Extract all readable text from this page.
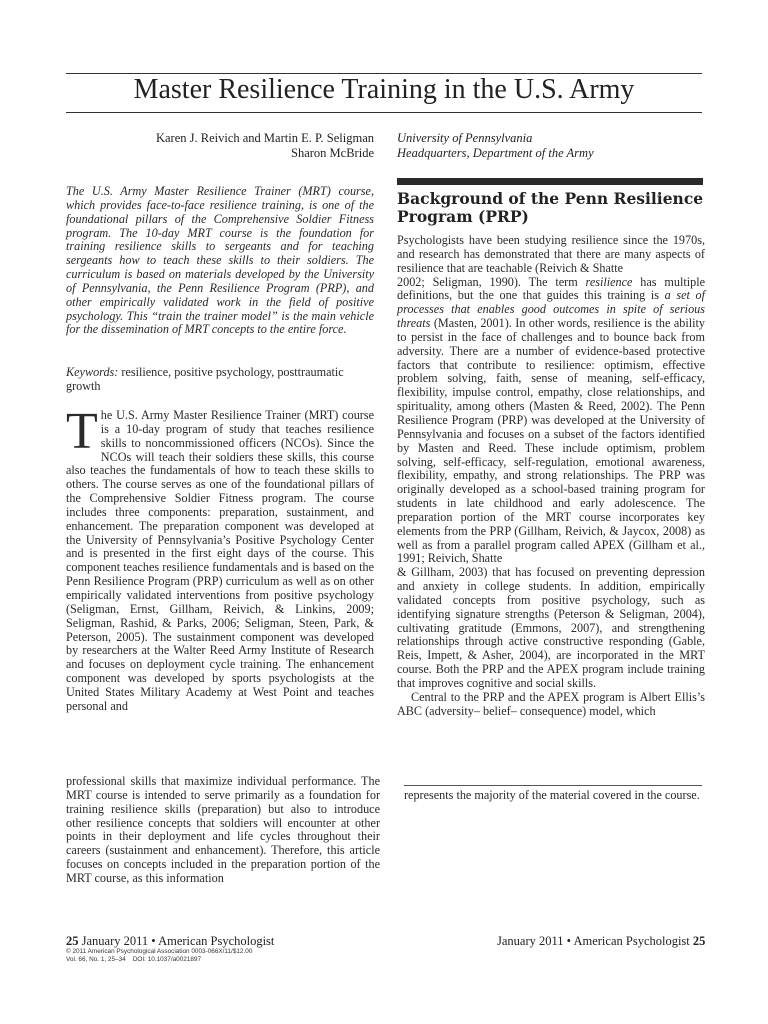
Master Resilience Training in the U.S. Army
Karen J. Reivich and Martin E. P. Seligman
Sharon McBride
University of Pennsylvania
Headquarters, Department of the Army
The U.S. Army Master Resilience Trainer (MRT) course, which provides face-to-face resilience training, is one of the foundational pillars of the Comprehensive Soldier Fitness program. The 10-day MRT course is the foundation for training resilience skills to sergeants and for teaching sergeants how to teach these skills to their soldiers. The curriculum is based on materials developed by the University of Pennsylvania, the Penn Resilience Program (PRP), and other empirically validated work in the field of positive psychology. This “train the trainer model” is the main vehicle for the dissemination of MRT concepts to the entire force.
Keywords: resilience, positive psychology, posttraumatic growth
The U.S. Army Master Resilience Trainer (MRT) course is a 10-day program of study that teaches resilience skills to noncommissioned officers (NCOs). Since the NCOs will teach their soldiers these skills, this course also teaches the fundamentals of how to teach these skills to others. The course serves as one of the foundational pillars of the Comprehensive Soldier Fitness program. The course includes three components: preparation, sustainment, and enhancement. The preparation component was developed at the University of Pennsylvania’s Positive Psychology Center and is presented in the first eight days of the course. This component teaches resilience fundamentals and is based on the Penn Resilience Program (PRP) curriculum as well as on other empirically validated interventions from positive psychology (Seligman, Ernst, Gillham, Reivich, & Linkins, 2009; Seligman, Rashid, & Parks, 2006; Seligman, Steen, Park, & Peterson, 2005). The sustainment component was developed by researchers at the Walter Reed Army Institute of Research and focuses on deployment cycle training. The enhancement component was developed by sports psychologists at the United States Military Academy at West Point and teaches personal and
professional skills that maximize individual performance. The MRT course is intended to serve primarily as a foundation for training resilience skills (preparation) but also to introduce other resilience concepts that soldiers will encounter at other points in their deployment and life cycles throughout their careers (sustainment and enhancement). Therefore, this article focuses on concepts included in the preparation portion of the MRT course, as this information
Background of the Penn Resilience Program (PRP)
Psychologists have been studying resilience since the 1970s, and research has demonstrated that there are many aspects of resilience that are teachable (Reivich & Shatte
2002; Seligman, 1990). The term resilience has multiple definitions, but the one that guides this training is a set of processes that enables good outcomes in spite of serious threats (Masten, 2001). In other words, resilience is the ability to persist in the face of challenges and to bounce back from adversity. There are a number of evidence-based protective factors that contribute to resilience: optimism, effective problem solving, faith, sense of meaning, self-efficacy, flexibility, impulse control, empathy, close relationships, and spirituality, among others (Masten & Reed, 2002). The Penn Resilience Program (PRP) was developed at the University of Pennsylvania and focuses on a subset of the factors identified by Masten and Reed. These include optimism, problem solving, self-efficacy, self-regulation, emotional awareness, flexibility, empathy, and strong relationships. The PRP was originally developed as a school-based training program for students in late childhood and early adolescence. The preparation portion of the MRT course incorporates key elements from the PRP (Gillham, Reivich, & Jaycox, 2008) as well as from a parallel program called APEX (Gillham et al., 1991; Reivich, Shatte
& Gillham, 2003) that has focused on preventing depression and anxiety in college students. In addition, empirically validated concepts from positive psychology, such as identifying signature strengths (Peterson & Seligman, 2004), cultivating gratitude (Emmons, 2007), and strengthening relationships through active constructive responding (Gable, Reis, Impett, & Asher, 2004), are incorporated in the MRT course. Both the PRP and the APEX program include training that improves cognitive and social skills.
Central to the PRP and the APEX program is Albert Ellis’s ABC (adversity– belief– consequence) model, which
represents the majority of the material covered in the course.
25 January 2011 • American Psychologist	January 2011 • American Psychologist 25
© 2011 American Psychological Association 0003-066X/11/$12.00
Vol. 66, No. 1, 25–34 DOI: 10.1037/a0021897
